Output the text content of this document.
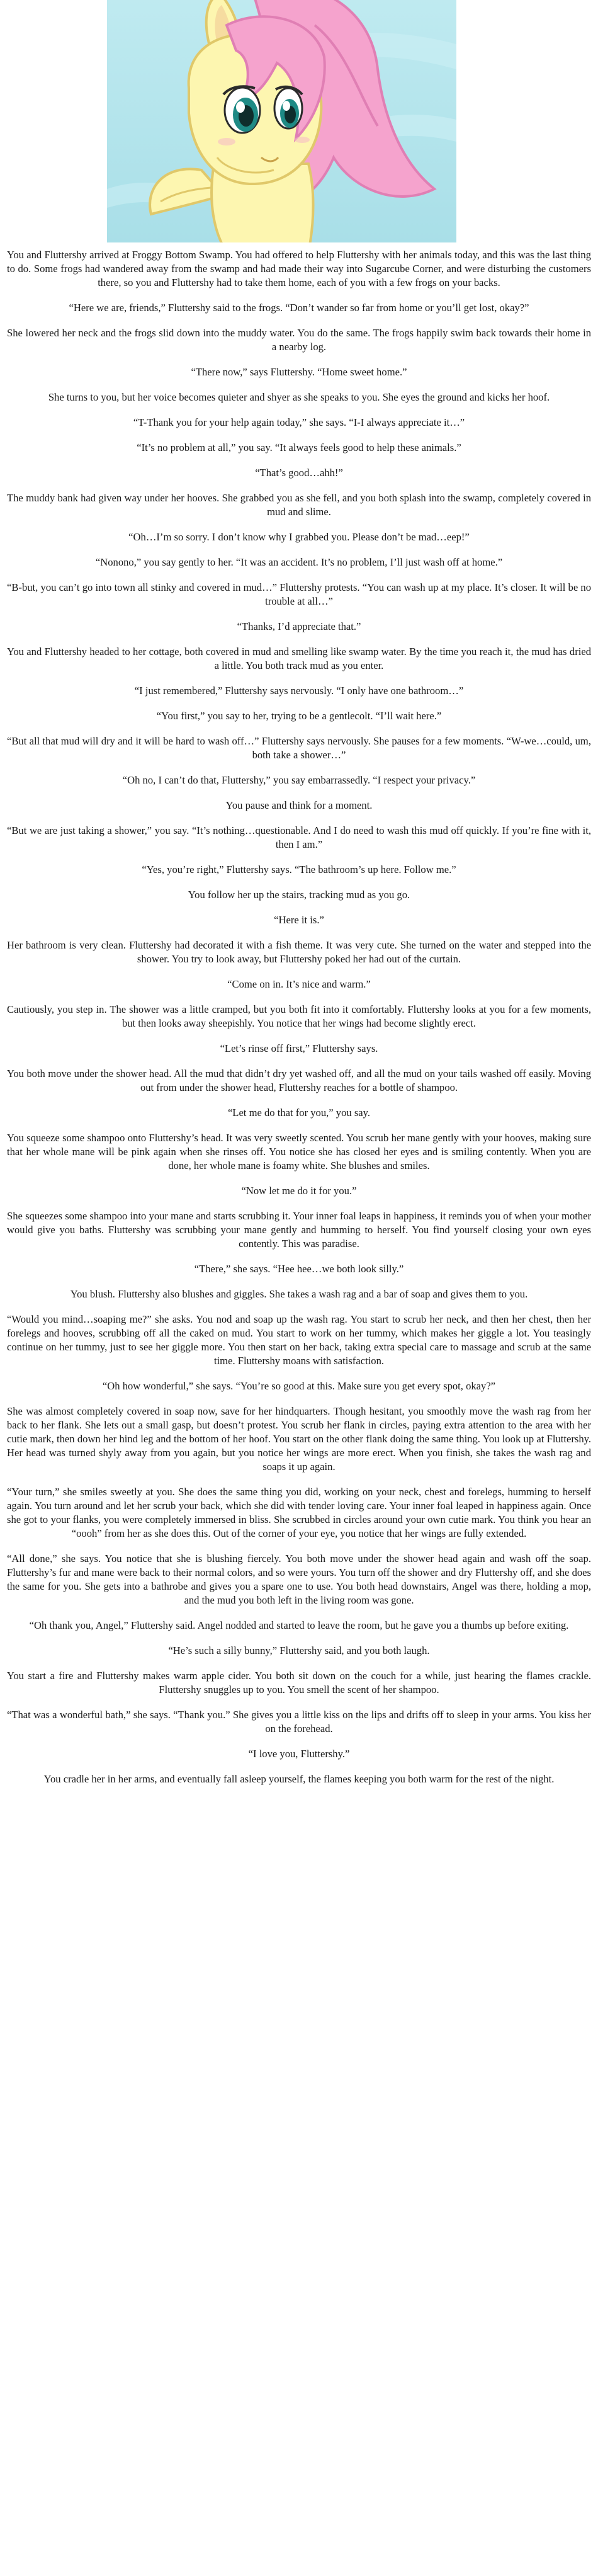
You and Fluttershy arrived at Froggy Bottom Swamp. You had offered to help Fluttershy with her animals today, and this was the last thing to do. Some frogs had wandered away from the swamp and had made their way into Sugarcube Corner, and were disturbing the customers there, so you and Fluttershy had to take them home, each of you with a few frogs on your backs.

“Here we are, friends,” Fluttershy said to the frogs. “Don’t wander so far from home or you’ll get lost, okay?”

She lowered her neck and the frogs slid down into the muddy water. You do the same. The frogs happily swim back towards their home in a nearby log.

“There now,” says Fluttershy. “Home sweet home.”

She turns to you, but her voice becomes quieter and shyer as she speaks to you. She eyes the ground and kicks her hoof.

“T-Thank you for your help again today,” she says. “I-I always appreciate it…”

“It’s no problem at all,” you say. “It always feels good to help these animals.”

“That’s good…ahh!”

The muddy bank had given way under her hooves. She grabbed you as she fell, and you both splash into the swamp, completely covered in mud and slime.

“Oh…I’m so sorry. I don’t know why I grabbed you. Please don’t be mad…eep!”

“Nonono,” you say gently to her. “It was an accident. It’s no problem, I’ll just wash off at home.”

“B-but, you can’t go into town all stinky and covered in mud…” Fluttershy protests. “You can wash up at my place. It’s closer. It will be no trouble at all…”

“Thanks, I’d appreciate that.”

You and Fluttershy headed to her cottage, both covered in mud and smelling like swamp water. By the time you reach it, the mud has dried a little. You both track mud as you enter.

“I just remembered,” Fluttershy says nervously. “I only have one bathroom…”

“You first,” you say to her, trying to be a gentlecolt. “I’ll wait here.”

“But all that mud will dry and it will be hard to wash off…” Fluttershy says nervously. She pauses for a few moments. “W-we…could, um, both take a shower…”

“Oh no, I can’t do that, Fluttershy,” you say embarrassedly. “I respect your privacy.”

You pause and think for a moment.

“But we are just taking a shower,” you say. “It’s nothing…questionable. And I do need to wash this mud off quickly. If you’re fine with it, then I am.”

“Yes, you’re right,” Fluttershy says. “The bathroom’s up here. Follow me.”

You follow her up the stairs, tracking mud as you go.

“Here it is.”

Her bathroom is very clean. Fluttershy had decorated it with a fish theme. It was very cute. She turned on the water and stepped into the shower. You try to look away, but Fluttershy poked her had out of the curtain.

“Come on in. It’s nice and warm.”

Cautiously, you step in. The shower was a little cramped, but you both fit into it comfortably. Fluttershy looks at you for a few moments, but then looks away sheepishly. You notice that her wings had become slightly erect.

“Let’s rinse off first,” Fluttershy says.

You both move under the shower head. All the mud that didn’t dry yet washed off, and all the mud on your tails washed off easily. Moving out from under the shower head, Fluttershy reaches for a bottle of shampoo.

“Let me do that for you,” you say.

You squeeze some shampoo onto Fluttershy’s head. It was very sweetly scented. You scrub her mane gently with your hooves, making sure that her whole mane will be pink again when she rinses off. You notice she has closed her eyes and is smiling contently. When you are done, her whole mane is foamy white. She blushes and smiles.

“Now let me do it for you.”

She squeezes some shampoo into your mane and starts scrubbing it. Your inner foal leaps in happiness, it reminds you of when your mother would give you baths. Fluttershy was scrubbing your mane gently and humming to herself. You find yourself closing your own eyes contently. This was paradise.

“There,” she says. “Hee hee…we both look silly.”

You blush. Fluttershy also blushes and giggles. She takes a wash rag and a bar of soap and gives them to you.

“Would you mind…soaping me?” she asks. You nod and soap up the wash rag. You start to scrub her neck, and then her chest, then her forelegs and hooves, scrubbing off all the caked on mud. You start to work on her tummy, which makes her giggle a lot. You teasingly continue on her tummy, just to see her giggle more. You then start on her back, taking extra special care to massage and scrub at the same time. Fluttershy moans with satisfaction.

“Oh how wonderful,” she says. “You’re so good at this. Make sure you get every spot, okay?”

She was almost completely covered in soap now, save for her hindquarters. Though hesitant, you smoothly move the wash rag from her back to her flank. She lets out a small gasp, but doesn’t protest. You scrub her flank in circles, paying extra attention to the area with her cutie mark, then down her hind leg and the bottom of her hoof. You start on the other flank doing the same thing. You look up at Fluttershy. Her head was turned shyly away from you again, but you notice her wings are more erect. When you finish, she takes the wash rag and soaps it up again.

“Your turn,” she smiles sweetly at you. She does the same thing you did, working on your neck, chest and forelegs, humming to herself again. You turn around and let her scrub your back, which she did with tender loving care. Your inner foal leaped in happiness again. Once she got to your flanks, you were completely immersed in bliss. She scrubbed in circles around your own cutie mark. You think you hear an “oooh” from her as she does this. Out of the corner of your eye, you notice that her wings are fully extended.

“All done,” she says. You notice that she is blushing fiercely. You both move under the shower head again and wash off the soap. Fluttershy’s fur and mane were back to their normal colors, and so were yours. You turn off the shower and dry Fluttershy off, and she does the same for you. She gets into a bathrobe and gives you a spare one to use. You both head downstairs, Angel was there, holding a mop, and the mud you both left in the living room was gone.

“Oh thank you, Angel,” Fluttershy said. Angel nodded and started to leave the room, but he gave you a thumbs up before exiting.

“He’s such a silly bunny,” Fluttershy said, and you both laugh.

You start a fire and Fluttershy makes warm apple cider. You both sit down on the couch for a while, just hearing the flames crackle. Fluttershy snuggles up to you. You smell the scent of her shampoo.

“That was a wonderful bath,” she says. “Thank you.” She gives you a little kiss on the lips and drifts off to sleep in your arms. You kiss her on the forehead.

“I love you, Fluttershy.”

You cradle her in her arms, and eventually fall asleep yourself, the flames keeping you both warm for the rest of the night.
